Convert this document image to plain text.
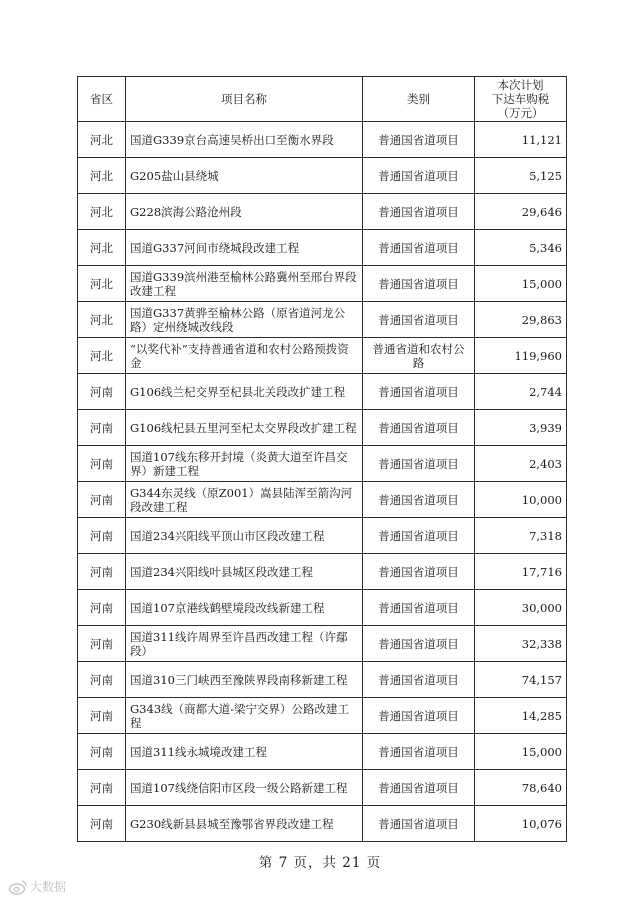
省区	项目名称	类别	本次计划
下达车购税
（万元）

河北	国道G339京台高速吴桥出口至衡水界段	普通国省道项目	11,121
河北	G205盐山县绕城	普通国省道项目	5,125
河北	G228滨海公路沧州段	普通国省道项目	29,646
河北	国道G337河间市绕城段改建工程	普通国省道项目	5,346
河北	国道G339滨州港至榆林公路冀州至邢台界段改建工程	普通国省道项目	15,000
河北	国道G337黄骅至榆林公路（原省道河龙公路）定州绕城改线段	普通国省道项目	29,863
河北	“以奖代补”支持普通省道和农村公路预拨资金	普通省道和农村公路	119,960
河南	G106线兰杞交界至杞县北关段改扩建工程	普通国省道项目	2,744
河南	G106线杞县五里河至杞太交界段改扩建工程	普通国省道项目	3,939
河南	国道107线东移开封境（炎黄大道至许昌交界）新建工程	普通国省道项目	2,403
河南	G344东灵线（原Z001）嵩县陆浑至箭沟河段改建工程	普通国省道项目	10,000
河南	国道234兴阳线平顶山市区段改建工程	普通国省道项目	7,318
河南	国道234兴阳线叶县城区段改建工程	普通国省道项目	17,716
河南	国道107京港线鹤壁境段改线新建工程	普通国省道项目	30,000
河南	国道311线许周界至许昌西改建工程（许鄢段）	普通国省道项目	32,338
河南	国道310三门峡西至豫陕界段南移新建工程	普通国省道项目	74,157
河南	G343线（商都大道-梁宁交界）公路改建工程	普通国省道项目	14,285
河南	国道311线永城境改建工程	普通国省道项目	15,000
河南	国道107线绕信阳市区段一级公路新建工程	普通国省道项目	78,640
河南	G230线新县县城至豫鄂省界段改建工程	普通国省道项目	10,076
第 7 页，共 21 页
大数据
